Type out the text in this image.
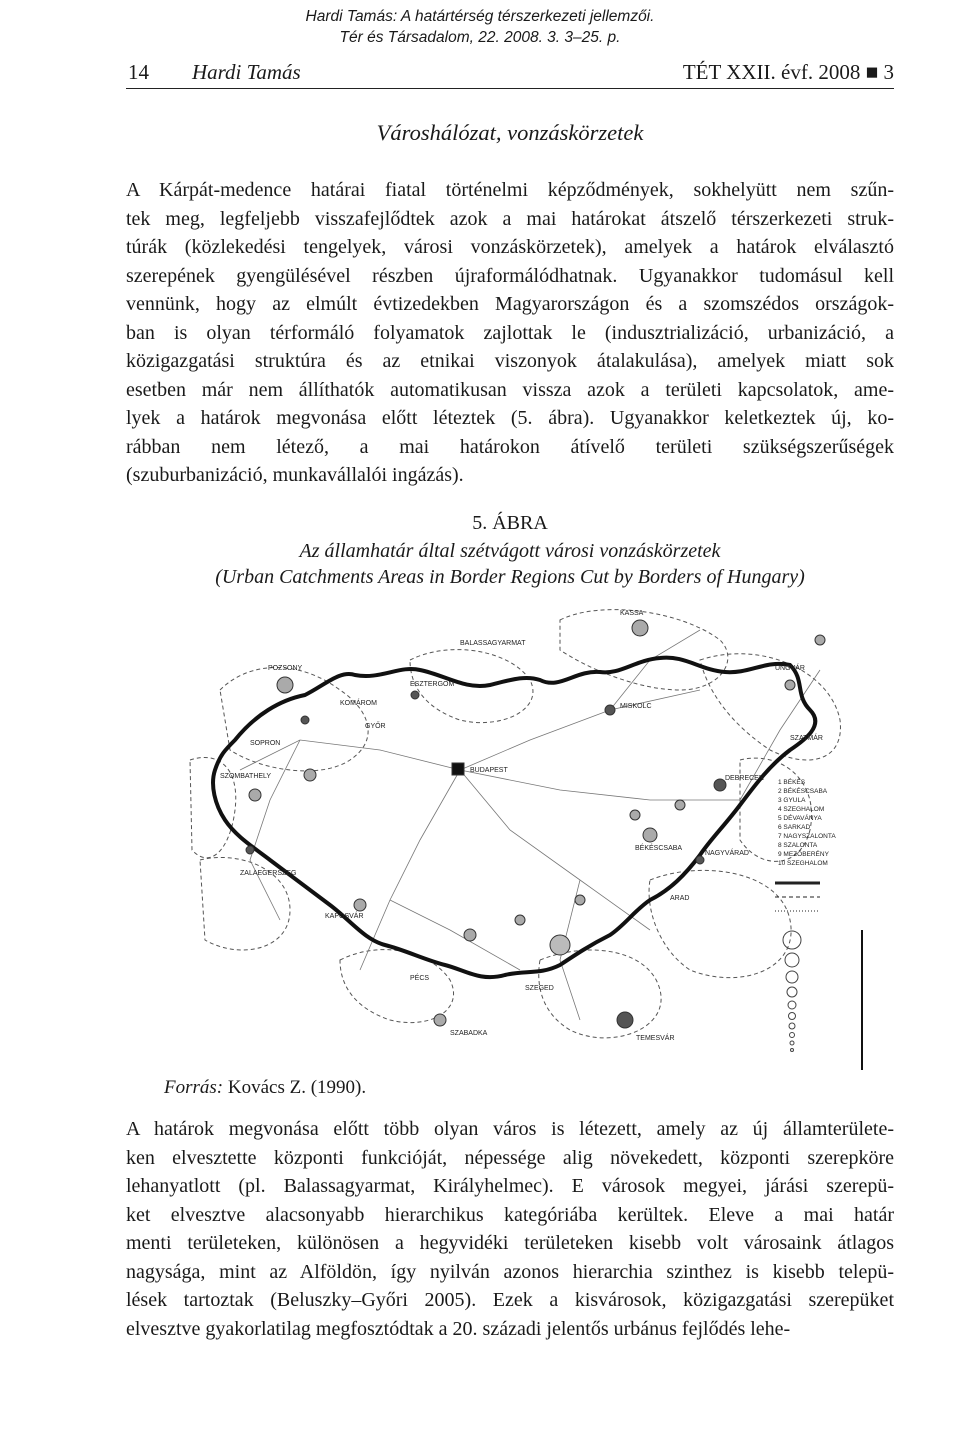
Hardi Tamás: A határtérség térszerkezeti jellemzői.
Tér és Társadalom, 22. 2008. 3. 3–25. p.
14 Hardi Tamás	TÉT XXII. évf. 2008 ■ 3
Városhálózat, vonzáskörzetek
A Kárpát-medence határai fiatal történelmi képződmények, sokhelyütt nem szűn-
tek meg, legfeljebb visszafejlődtek azok a mai határokat átszelő térszerkezeti struk-
túrák (közlekedési tengelyek, városi vonzáskörzetek), amelyek a határok elválasztó
szerepének gyengülésével részben újraformálódhatnak. Ugyanakkor tudomásul kell
vennünk, hogy az elmúlt évtizedekben Magyarországon és a szomszédos országok-
ban is olyan térformáló folyamatok zajlottak le (indusztrializáció, urbanizáció, a
közigazgatási struktúra és az etnikai viszonyok átalakulása), amelyek miatt sok
esetben már nem állíthatók automatikusan vissza azok a területi kapcsolatok, ame-
lyek a határok megvonása előtt léteztek (5. ábra). Ugyanakkor keletkeztek új, ko-
rábban nem létező, a mai határokon átívelő területi szükségszerűségek
(szuburbanizáció, munkavállalói ingázás).
5. ÁBRA
Az államhatár által szétvágott városi vonzáskörzetek
(Urban Catchments Areas in Border Regions Cut by Borders of Hungary)
BUDAPEST
MISKOLC
DEBRECEN
SOPRON
GYŐR
SZOMBATHELY
ZALAEGERSZEG
KAPOSVÁR
PÉCS
SZEGED
BÉKÉSCSABA
NAGYVÁRAD
KASSA
POZSONY
ARAD
TEMESVÁR
SZABADKA
ESZTERGOM
SZATMÁR
UNGVÁR
BALASSAGYARMAT
KOMÁROM
1 BÉKÉS
2 BÉKÉSCSABA
3 GYULA
4 SZEGHALOM
5 DÉVAVÁNYA
6 SARKAD
7 NAGYSZALONTA
8 SZALONTA
9 MEZŐBERÉNY
10 SZEGHALOM
Forrás: Kovács Z. (1990).
A határok megvonása előtt több olyan város is létezett, amely az új államterülete-
ken elvesztette központi funkcióját, népessége alig növekedett, központi szerepköre
lehanyatlott (pl. Balassagyarmat, Királyhelmec). E városok megyei, járási szerepü-
ket elvesztve alacsonyabb hierarchikus kategóriába kerültek. Eleve a mai határ
menti területeken, különösen a hegyvidéki területeken kisebb volt városaink átlagos
nagysága, mint az Alföldön, így nyilván azonos hierarchia szinthez is kisebb telepü-
lések tartoztak (Beluszky–Győri 2005). Ezek a kisvárosok, közigazgatási szerepüket
elvesztve gyakorlatilag megfosztódtak a 20. századi jelentős urbánus fejlődés lehe-
